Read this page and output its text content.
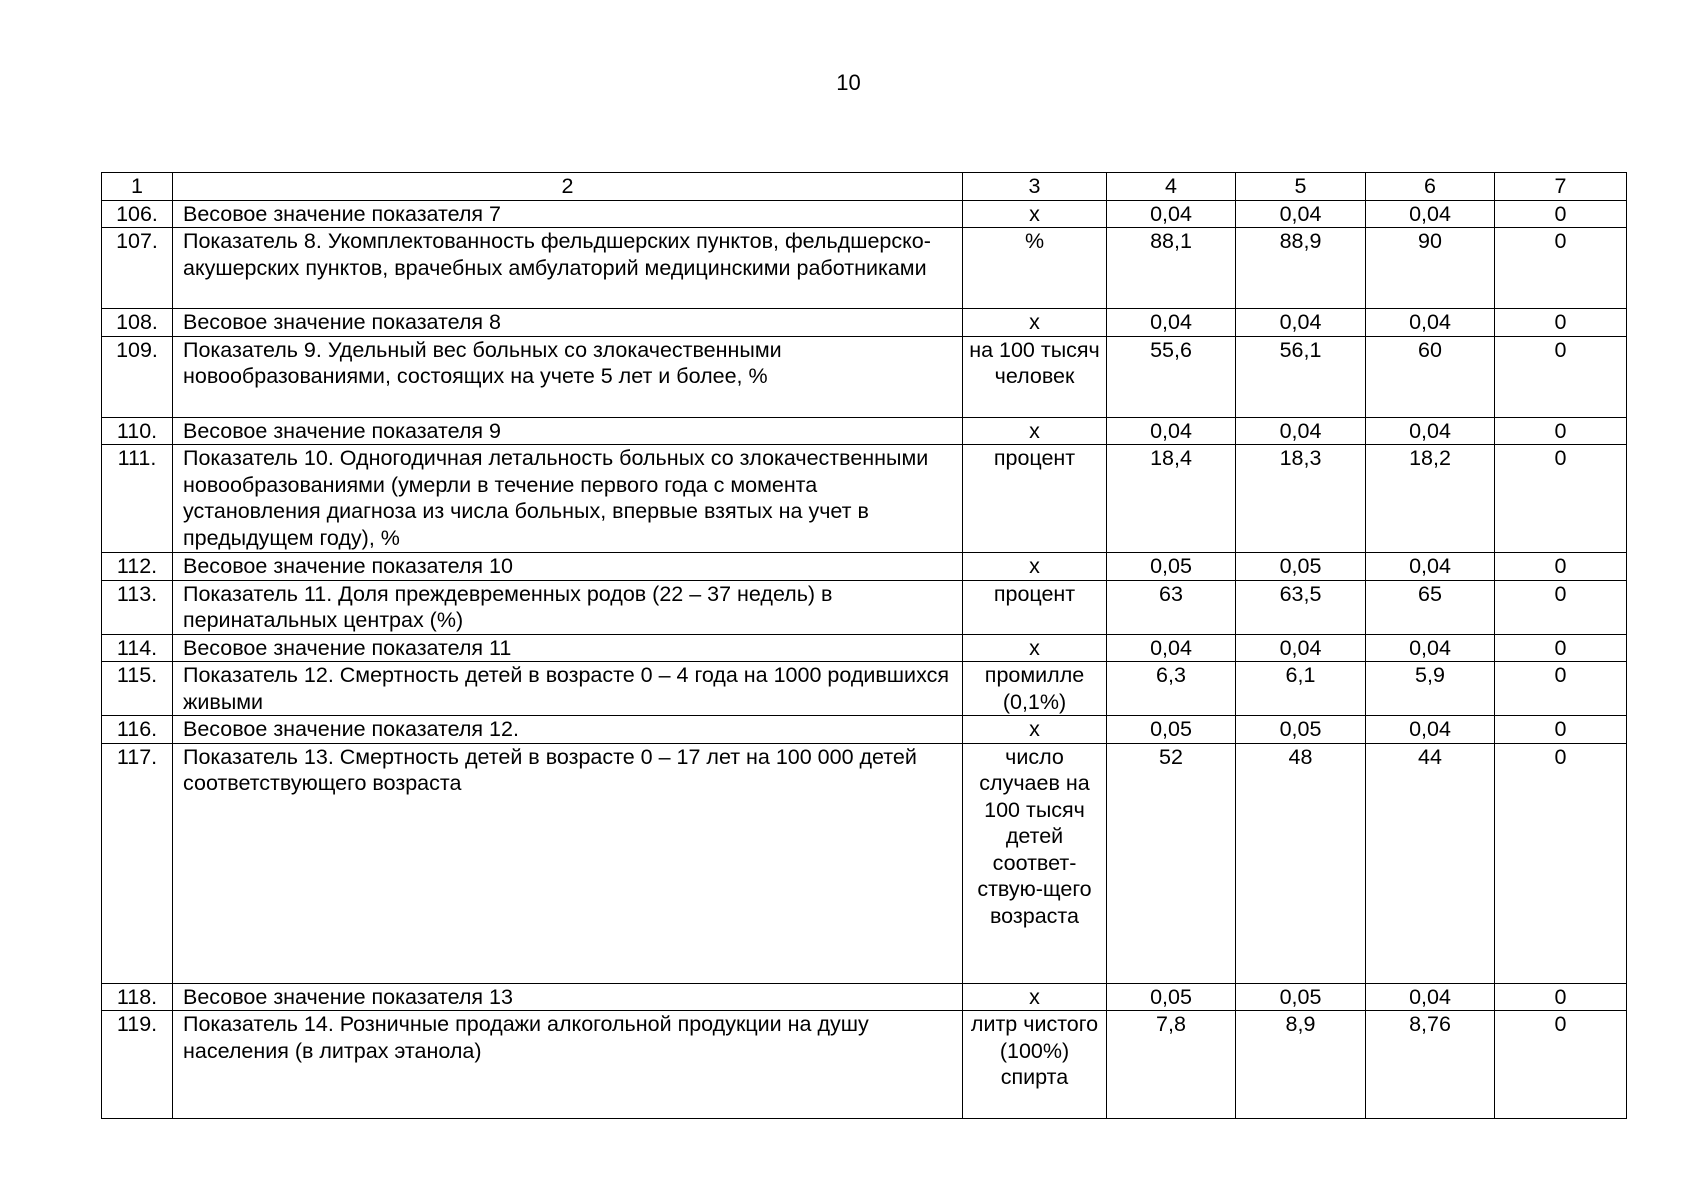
10
1	2	3	4	5	6	7
106.	Весовое значение показателя 7	х	0,04	0,04	0,04	0
107.	Показатель 8. Укомплектованность фельдшерских пунктов, фельдшерско-акушерских пунктов, врачебных амбулаторий медицинскими работниками	%	88,1	88,9	90	0
108.	Весовое значение показателя 8	х	0,04	0,04	0,04	0
109.	Показатель 9. Удельный вес больных со злокачественными новообразованиями, состоящих на учете 5 лет и более, %	на 100 тысяч человек	55,6	56,1	60	0
110.	Весовое значение показателя 9	х	0,04	0,04	0,04	0
111.	Показатель 10. Одногодичная летальность больных со злокачественными новообразованиями (умерли в течение первого года с момента установления диагноза из числа больных, впервые взятых на учет в предыдущем году), %	процент	18,4	18,3	18,2	0
112.	Весовое значение показателя 10	х	0,05	0,05	0,04	0
113.	Показатель 11. Доля преждевременных родов (22 – 37 недель) в перинатальных центрах (%)	процент	63	63,5	65	0
114.	Весовое значение показателя 11	х	0,04	0,04	0,04	0
115.	Показатель 12. Смертность детей в возрасте 0 – 4 года на 1000 родившихся живыми	промилле (0,1%)	6,3	6,1	5,9	0
116.	Весовое значение показателя 12.	х	0,05	0,05	0,04	0
117.	Показатель 13. Смертность детей в возрасте 0 – 17 лет на 100 000 детей соответствующего возраста	число случаев на 100 тысяч детей соответ-ствую-щего возраста	52	48	44	0
118.	Весовое значение показателя 13	х	0,05	0,05	0,04	0
119.	Показатель 14. Розничные продажи алкогольной продукции на душу населения (в литрах этанола)	литр чистого (100%) спирта	7,8	8,9	8,76	0
